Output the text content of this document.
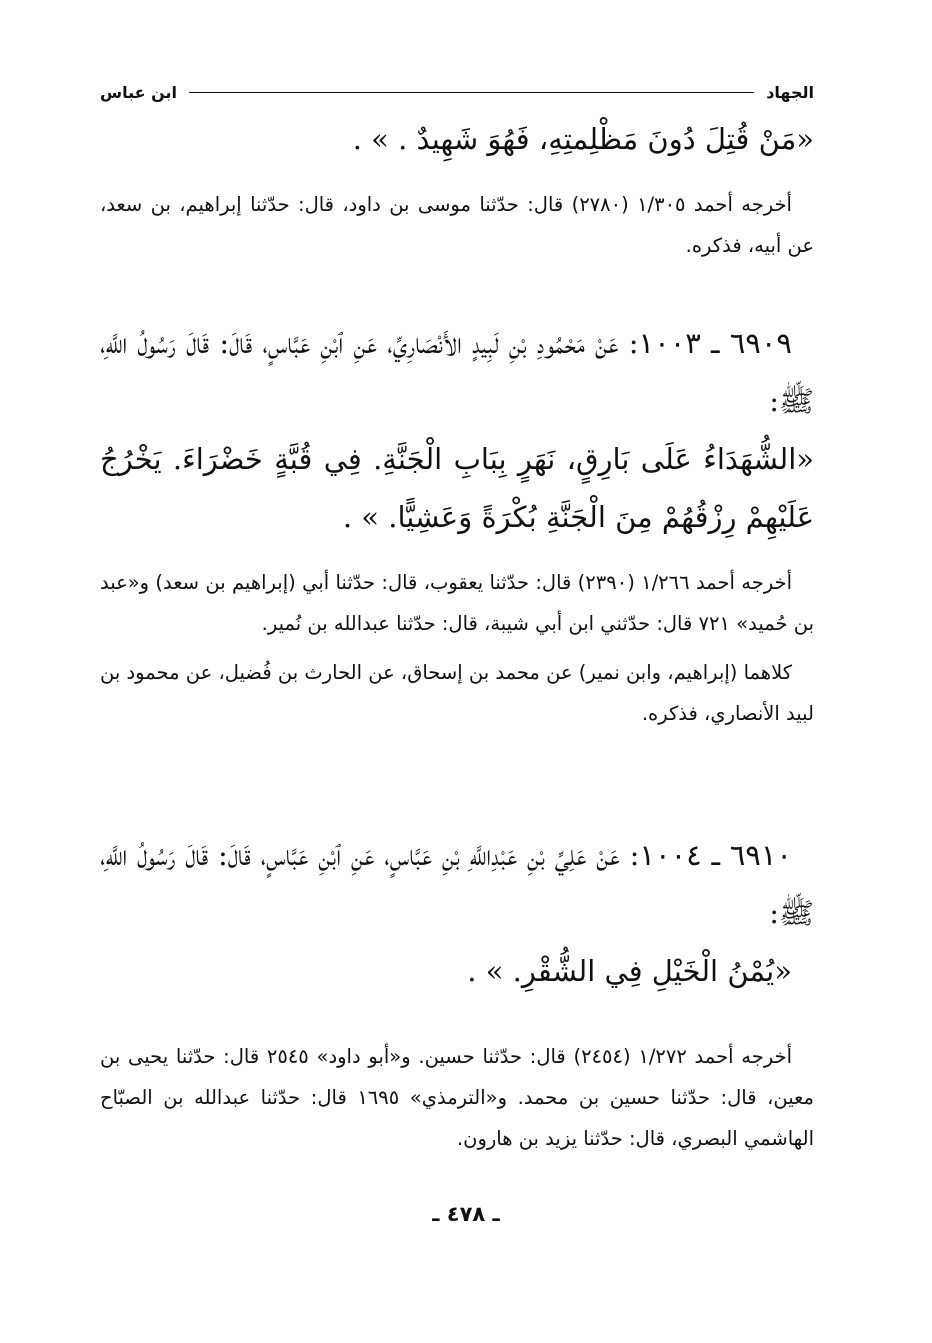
الجهاد
ابن عباس

«مَنْ قُتِلَ دُونَ مَظْلِمتِهِ، فَهُوَ شَهِيدٌ . » .

أخرجه أحمد ١/٣٠٥ (٢٧٨٠) قال: حدّثنا موسى بن داود، قال: حدّثنا إبراهيم، بن سعد، عن أبيه، فذكره.

٦٩٠٩ ـ ١٠٠٣: عَنْ مَحْمُودِ بْنِ لَبِيدٍ الأَنْصَارِيِّ، عَنِ ٱبْنِ عَبَّاسٍ، قَالَ: قَالَ رَسُولُ اللَّهِ، ﷺ:

«الشُّهَدَاءُ عَلَى بَارِقٍ، نَهَرٍ بِبَابِ الْجَنَّةِ. فِي قُبَّةٍ خَضْرَاءَ. يَخْرُجُ عَلَيْهِمْ رِزْقُهُمْ مِنَ الْجَنَّةِ بُكْرَةً وَعَشِيًّا. » .

أخرجه أحمد ١/٢٦٦ (٢٣٩٠) قال: حدّثنا يعقوب، قال: حدّثنا أبي (إبراهيم بن سعد) و«عبد بن حُميد» ٧٢١ قال: حدّثني ابن أبي شيبة، قال: حدّثنا عبدالله بن نُمير.

كلاهما (إبراهيم، وابن نمير) عن محمد بن إسحاق، عن الحارث بن فُضيل، عن محمود بن لبيد الأنصاري، فذكره.

٦٩١٠ ـ ١٠٠٤: عَنْ عَلِيِّ بْنِ عَبْدِاللَّهِ بْنِ عَبَّاسٍ، عَنِ ٱبْنِ عَبَّاسٍ، قَالَ: قَالَ رَسُولُ اللَّهِ، ﷺ:

«يُمْنُ الْخَيْلِ فِي الشُّقْرِ. » .

أخرجه أحمد ١/٢٧٢ (٢٤٥٤) قال: حدّثنا حسين. و«أبو داود» ٢٥٤٥ قال: حدّثنا يحيى بن معين، قال: حدّثنا حسين بن محمد. و«الترمذي» ١٦٩٥ قال: حدّثنا عبدالله بن الصبّاح الهاشمي البصري، قال: حدّثنا يزيد بن هارون.

ـ ٤٧٨ ـ
